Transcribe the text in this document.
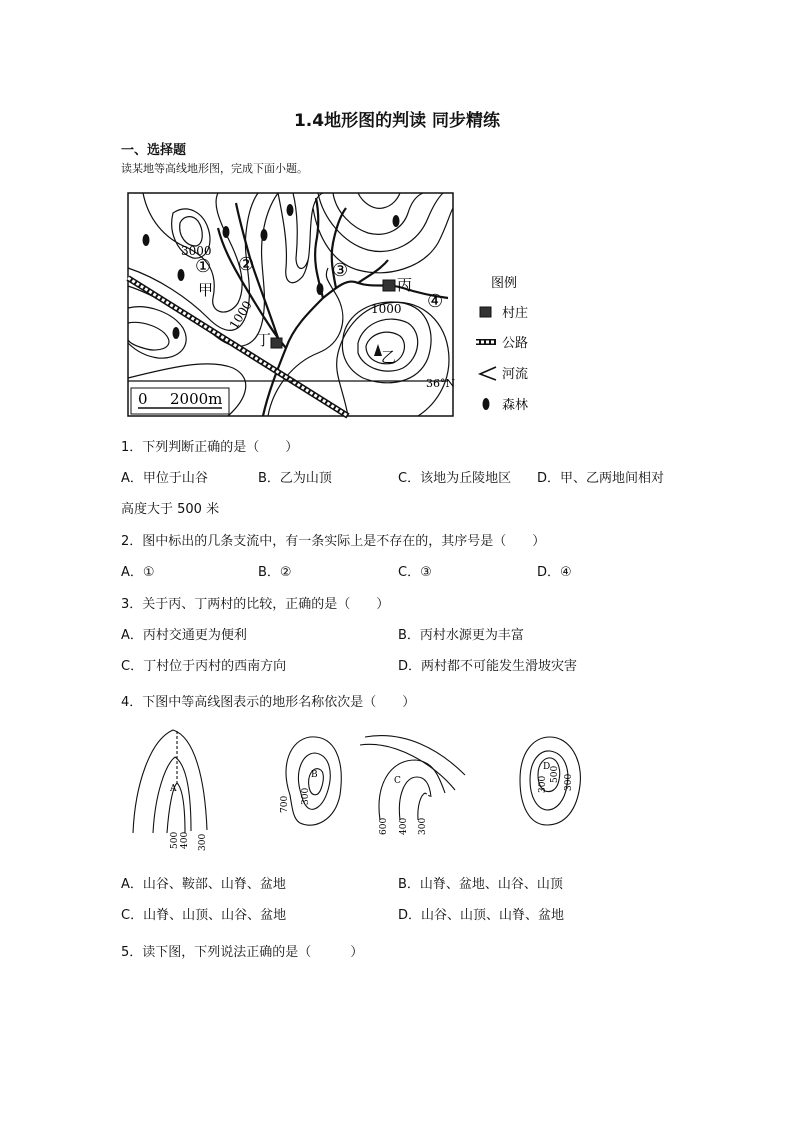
1.4地形图的判读 同步精练
一、选择题
读某地等高线地形图，完成下面小题。
3000
1000	1000
甲
乙
丙
丁
36°N
0 2000m
① ②	③
④
图例
村庄
公路
河流
森林
1．下列判断正确的是（　　）
A．甲位于山谷	B．乙为山顶	C．该地为丘陵地区 D．甲、乙两地间相对
高度大于 500 米
2．图中标出的几条支流中，有一条实际上是不存在的，其序号是（　　）
A．①	B．②	C．③	D．④
3．关于丙、丁两村的比较，正确的是（　　）
A．丙村交通更为便利	B．丙村水源更为丰富
C．丁村位于丙村的西南方向	D．两村都不可能发生滑坡灾害
4．下图中等高线图表示的地形名称依次是（　　）
A
500 400 300
B
700 300
C
600 400 300
D
300
500 300
A．山谷、鞍部、山脊、盆地	B．山脊、盆地、山谷、山顶
C．山脊、山顶、山谷、盆地	D．山谷、山顶、山脊、盆地
5．读下图，下列说法正确的是（　　　）
